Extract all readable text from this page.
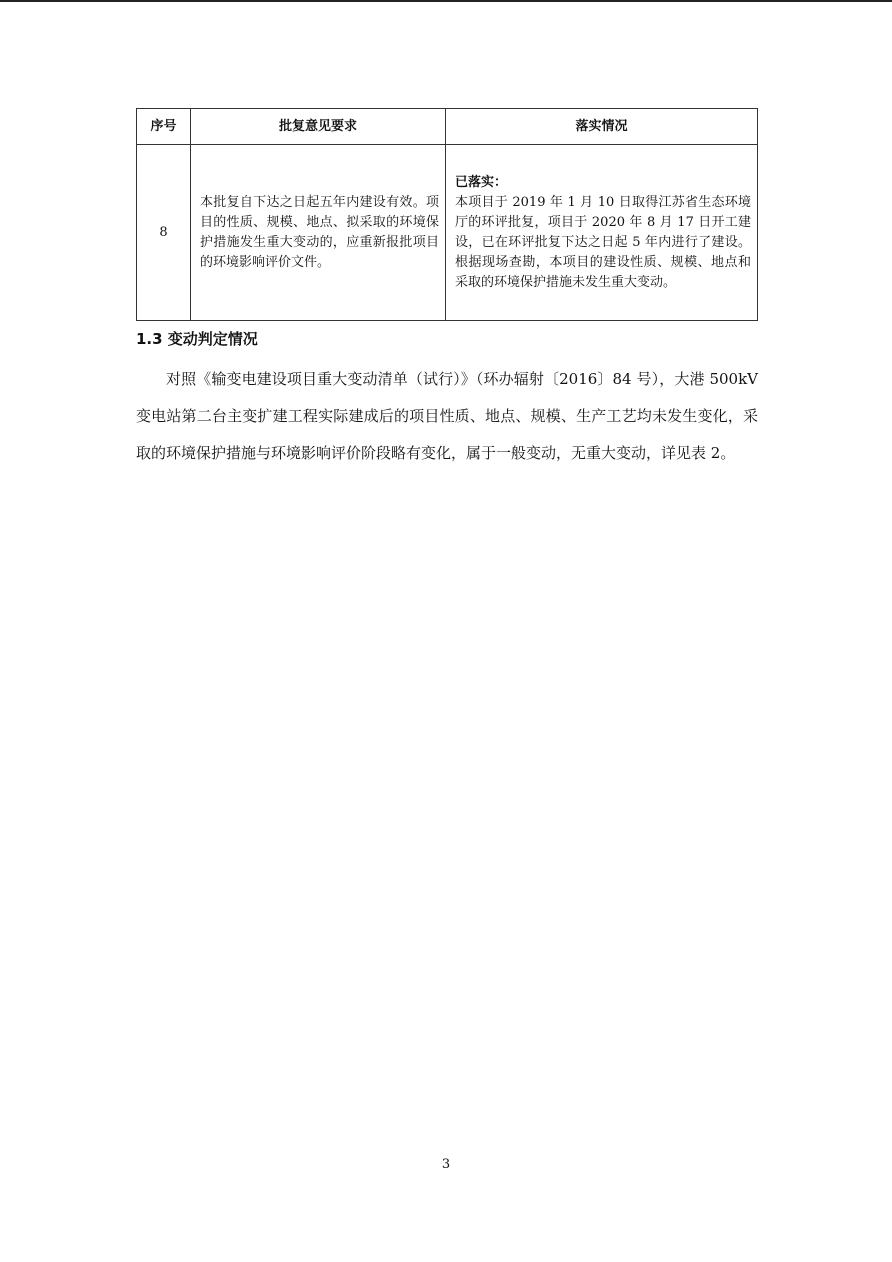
序号	批复意见要求	落实情况
8	本批复自下达之日起五年内建设有效。项目的性质、规模、地点、拟采取的环境保护措施发生重大变动的，应重新报批项目的环境影响评价文件。	已落实：
本项目于 2019 年 1 月 10 日取得江苏省生态环境厅的环评批复，项目于 2020 年 8 月 17 日开工建设，已在环评批复下达之日起 5 年内进行了建设。根据现场查勘，本项目的建设性质、规模、地点和采取的环境保护措施未发生重大变动。
1.3 变动判定情况

对照《输变电建设项目重大变动清单（试行）》（环办辐射〔2016〕84 号），大港 500kV 变电站第二台主变扩建工程实际建成后的项目性质、地点、规模、生产工艺均未发生变化，采取的环境保护措施与环境影响评价阶段略有变化，属于一般变动，无重大变动，详见表 2。

3
